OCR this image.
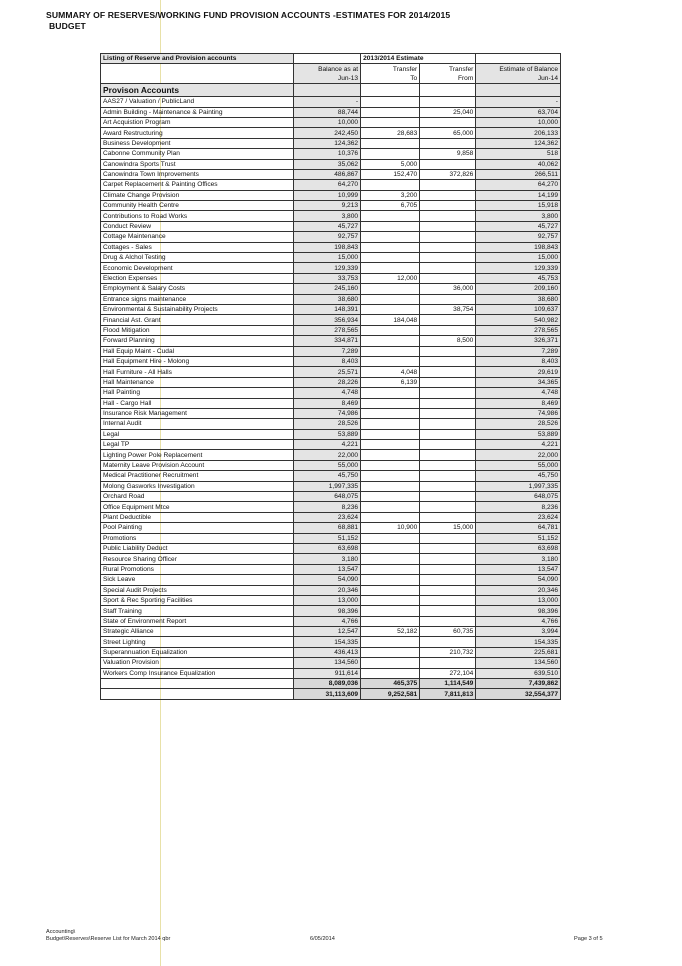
SUMMARY OF RESERVES/WORKING FUND PROVISION ACCOUNTS -ESTIMATES FOR 2014/2015
BUDGET
Listing of Reserve and Provision accounts		2013/2014 Estimate		
	Balance as at	Transfer	Transfer	Estimate of Balance
	Jun-13	To	From	Jun-14
Provison Accounts				
AAS27 / Valuation / PublicLand	-			-
Admin Building - Maintenance & Painting	88,744		25,040	63,704
Art Acquistion Program	10,000			10,000
Award Restructuring	242,450	28,683	65,000	206,133
Business Development	124,362			124,362
Cabonne Community Plan	10,376		9,858	518
Canowindra Sports Trust	35,062	5,000		40,062
Canowindra Town Improvements	486,867	152,470	372,826	266,511
Carpet Replacement & Painting Offices	64,270			64,270
Climate Change Provision	10,999	3,200		14,199
Community Health Centre	9,213	6,705		15,918
Contributions to Road Works	3,800			3,800
Conduct Review	45,727			45,727
Cottage Maintenance	92,757			92,757
Cottages - Sales	198,843			198,843
Drug & Alchol Testing	15,000			15,000
Economic Development	129,339			129,339
Election Expenses	33,753	12,000		45,753
Employment & Salary Costs	245,160		36,000	209,160
Entrance signs maintenance	38,680			38,680
Environmental & Sustainability Projects	148,391		38,754	109,637
Financial Ast. Grant	356,934	184,048		540,982
Flood Mitigation	278,565			278,565
Forward Planning	334,871		8,500	326,371
Hall Equip Maint - Cudal	7,289			7,289
Hall Equipment Hire - Molong	8,403			8,403
Hall Furniture - All Halls	25,571	4,048		29,619
Hall Maintenance	28,226	6,139		34,365
Hall Painting	4,748			4,748
Hall - Cargo Hall	8,469			8,469
Insurance Risk Management	74,986			74,986
Internal Audit	28,526			28,526
Legal	53,889			53,889
Legal TP	4,221			4,221
Lighting Power Pole Replacement	22,000			22,000
Maternity Leave Provision Account	55,000			55,000
Medical Practitioner Recruitment	45,750			45,750
Molong Gasworks Investigation	1,997,335			1,997,335
Orchard Road	648,075			648,075
Office Equipment Mtce	8,236			8,236
Plant Deductible	23,624			23,624
Pool Painting	68,881	10,900	15,000	64,781
Promotions	51,152			51,152
Public Liability Deduct	63,698			63,698
Resource Sharing Officer	3,180			3,180
Rural Promotions	13,547			13,547
Sick Leave	54,090			54,090
Special Audit Projects	20,346			20,346
Sport & Rec Sporting Facilities	13,000			13,000
Staff Training	98,396			98,396
State of Environment Report	4,766			4,766
Strategic Alliance	12,547	52,182	60,735	3,994
Street Lighting	154,335			154,335
Superannuation Equalization	436,413		210,732	225,681
Valuation Provision	134,560			134,560
Workers Comp Insurance Equalization	911,614		272,104	639,510
	8,089,036	465,375	1,114,549	7,439,862
	31,113,609	9,252,581	7,811,813	32,554,377
Accounting\
Budget\Reserves\Reserve List for March 2014 qbr	6/05/2014	Page 3 of 5
